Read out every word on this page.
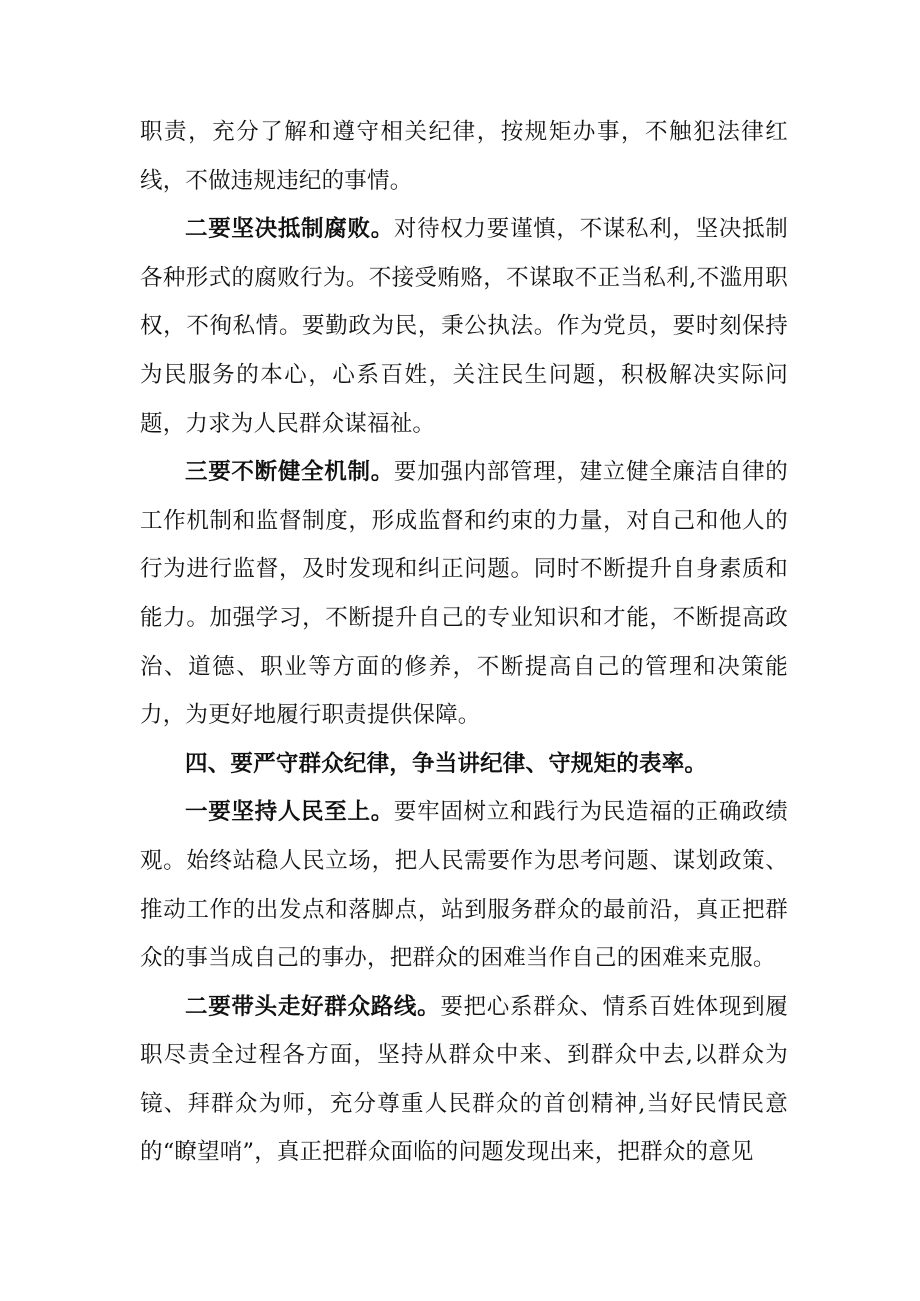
职责，充分了解和遵守相关纪律，按规矩办事，不触犯法律红线，不做违规违纪的事情。

二要坚决抵制腐败。对待权力要谨慎，不谋私利，坚决抵制各种形式的腐败行为。不接受贿赂，不谋取不正当私利,不滥用职权，不徇私情。要勤政为民，秉公执法。作为党员，要时刻保持为民服务的本心，心系百姓，关注民生问题，积极解决实际问题，力求为人民群众谋福祉。

三要不断健全机制。要加强内部管理，建立健全廉洁自律的工作机制和监督制度，形成监督和约束的力量，对自己和他人的行为进行监督，及时发现和纠正问题。同时不断提升自身素质和能力。加强学习，不断提升自己的专业知识和才能，不断提高政治、道德、职业等方面的修养，不断提高自己的管理和决策能力，为更好地履行职责提供保障。

四、要严守群众纪律，争当讲纪律、守规矩的表率。

一要坚持人民至上。要牢固树立和践行为民造福的正确政绩观。始终站稳人民立场，把人民需要作为思考问题、谋划政策、推动工作的出发点和落脚点，站到服务群众的最前沿，真正把群众的事当成自己的事办，把群众的困难当作自己的困难来克服。

二要带头走好群众路线。要把心系群众、情系百姓体现到履职尽责全过程各方面，坚持从群众中来、到群众中去,以群众为镜、拜群众为师，充分尊重人民群众的首创精神,当好民情民意的“瞭望哨”，真正把群众面临的问题发现出来，把群众的意见
